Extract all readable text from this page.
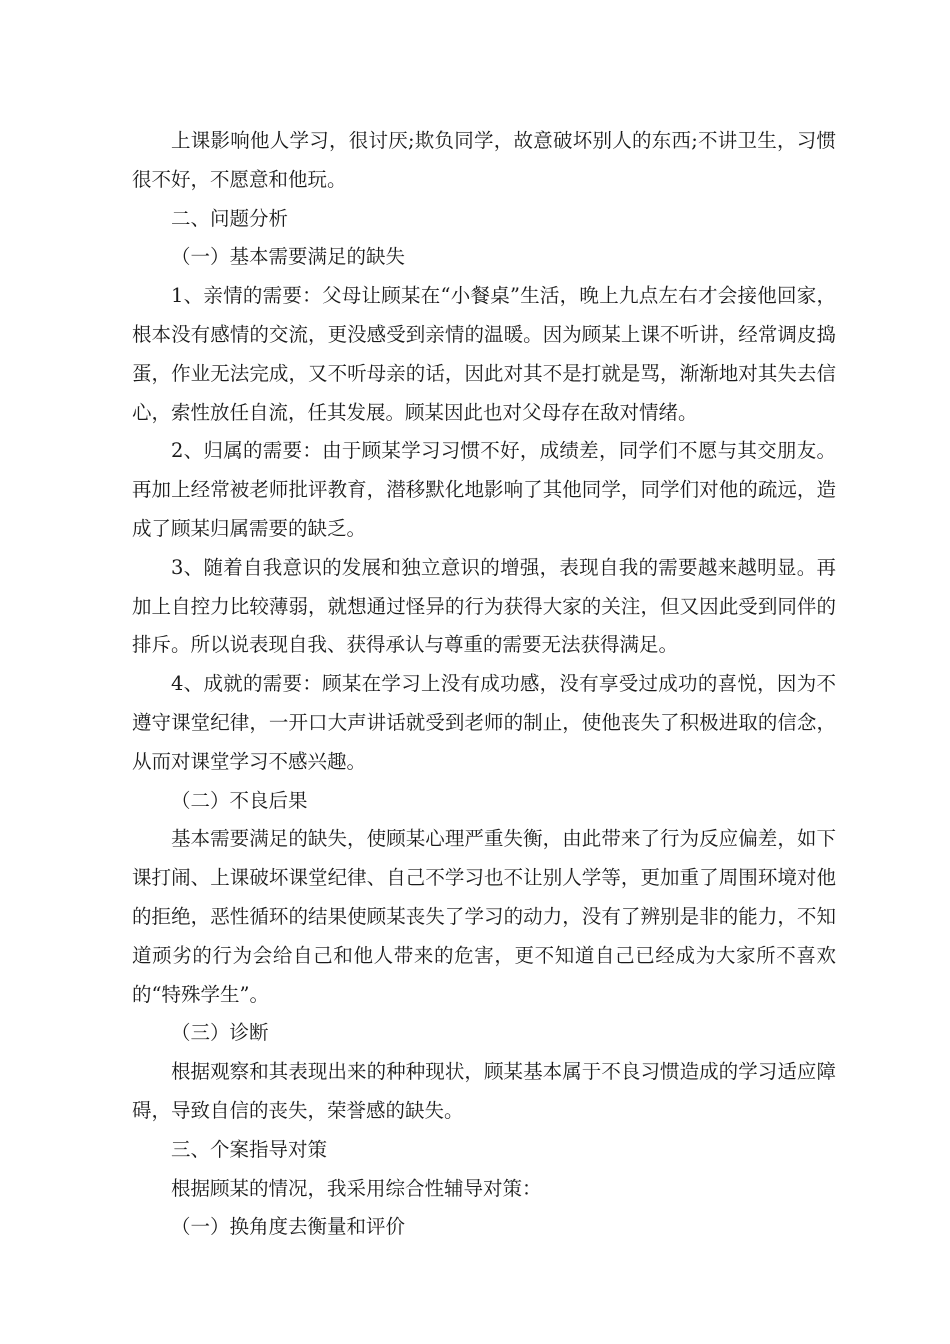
上课影响他人学习，很讨厌;欺负同学，故意破坏别人的东西;不讲卫生，习惯很不好，不愿意和他玩。

二、问题分析

（一）基本需要满足的缺失

1、亲情的需要：父母让顾某在“小餐桌”生活，晚上九点左右才会接他回家，根本没有感情的交流，更没感受到亲情的温暖。因为顾某上课不听讲，经常调皮捣蛋，作业无法完成，又不听母亲的话，因此对其不是打就是骂，渐渐地对其失去信心，索性放任自流，任其发展。顾某因此也对父母存在敌对情绪。

2、归属的需要：由于顾某学习习惯不好，成绩差，同学们不愿与其交朋友。再加上经常被老师批评教育，潜移默化地影响了其他同学，同学们对他的疏远，造成了顾某归属需要的缺乏。

3、随着自我意识的发展和独立意识的增强，表现自我的需要越来越明显。再加上自控力比较薄弱，就想通过怪异的行为获得大家的关注，但又因此受到同伴的排斥。所以说表现自我、获得承认与尊重的需要无法获得满足。

4、成就的需要：顾某在学习上没有成功感，没有享受过成功的喜悦，因为不遵守课堂纪律，一开口大声讲话就受到老师的制止，使他丧失了积极进取的信念，从而对课堂学习不感兴趣。

（二）不良后果

基本需要满足的缺失，使顾某心理严重失衡，由此带来了行为反应偏差，如下课打闹、上课破坏课堂纪律、自己不学习也不让别人学等，更加重了周围环境对他的拒绝，恶性循环的结果使顾某丧失了学习的动力，没有了辨别是非的能力，不知道顽劣的行为会给自己和他人带来的危害，更不知道自己已经成为大家所不喜欢的“特殊学生”。

（三）诊断

根据观察和其表现出来的种种现状，顾某基本属于不良习惯造成的学习适应障碍，导致自信的丧失，荣誉感的缺失。

三、个案指导对策

根据顾某的情况，我采用综合性辅导对策：

（一）换角度去衡量和评价
